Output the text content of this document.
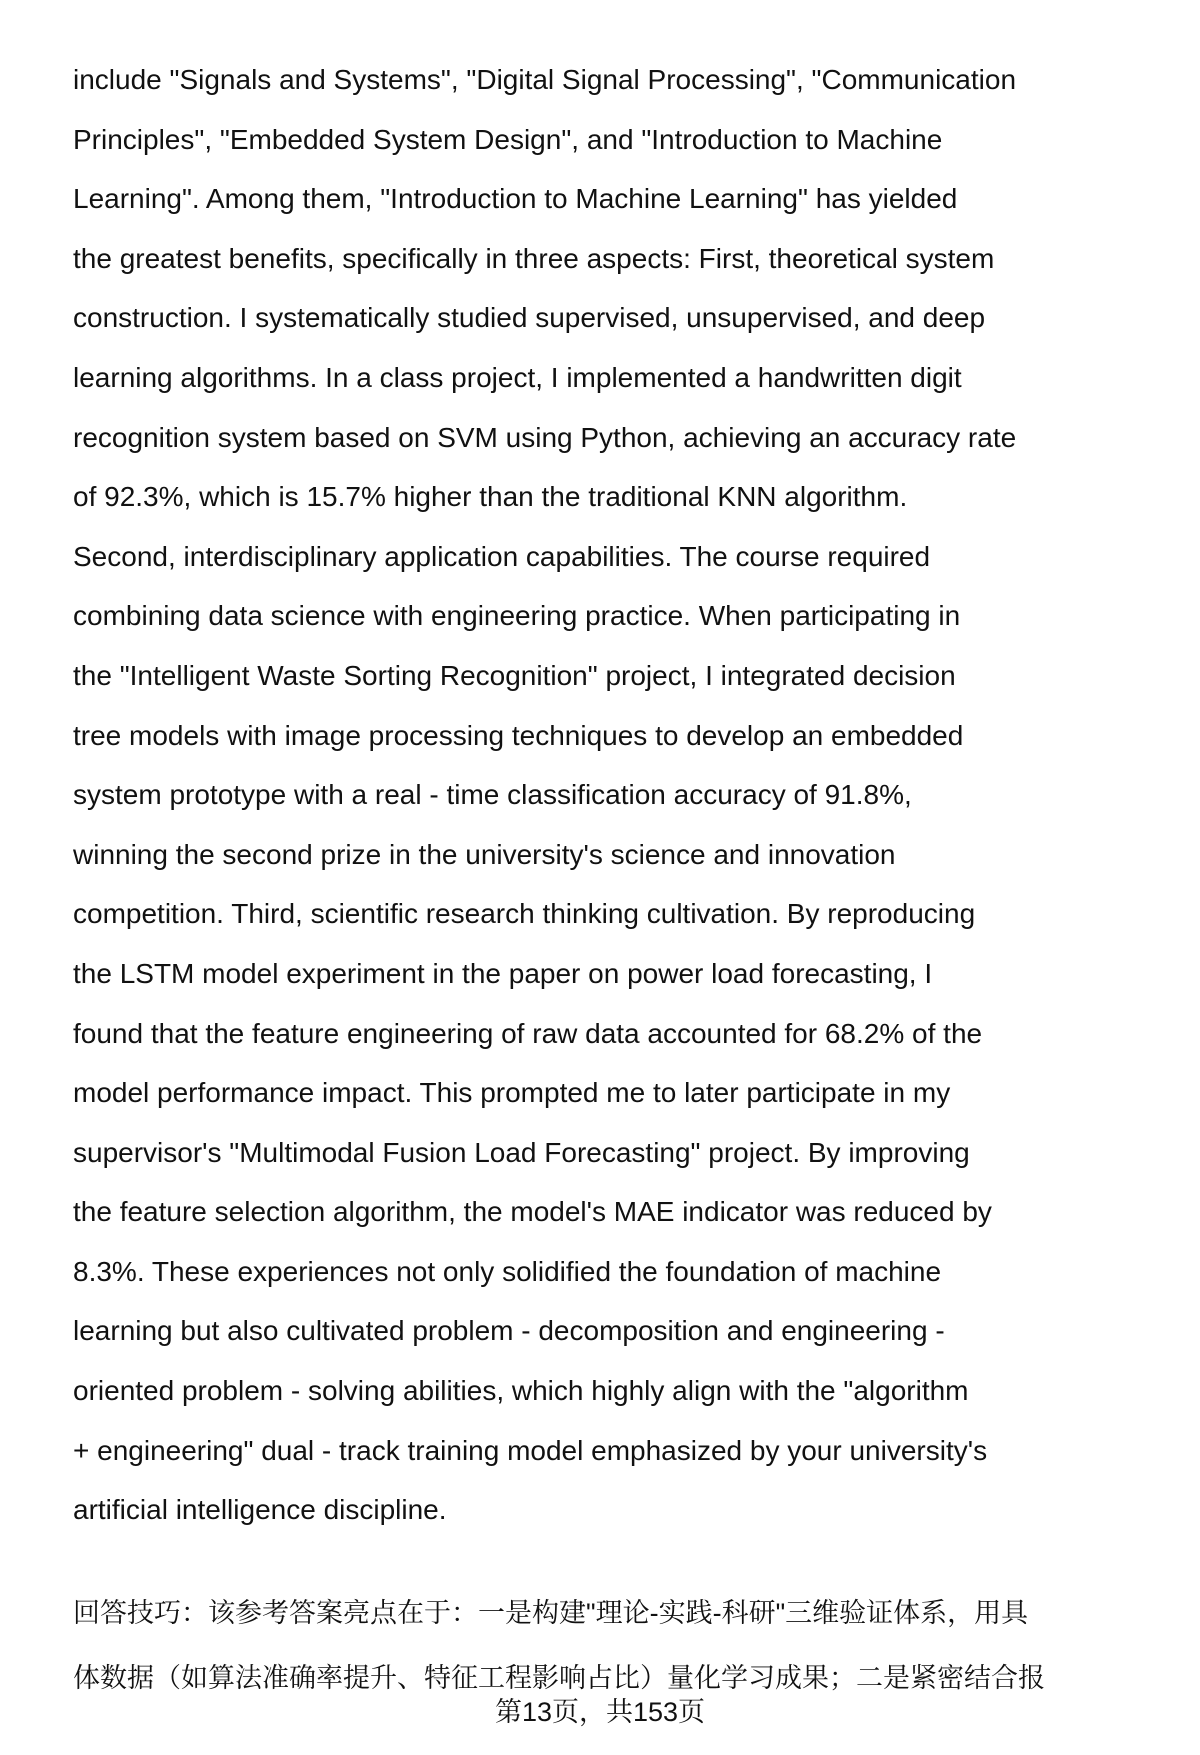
include "Signals and Systems", "Digital Signal Processing", "Communication
Principles", "Embedded System Design", and "Introduction to Machine
Learning". Among them, "Introduction to Machine Learning" has yielded
the greatest benefits, specifically in three aspects: First, theoretical system
construction. I systematically studied supervised, unsupervised, and deep
learning algorithms. In a class project, I implemented a handwritten digit
recognition system based on SVM using Python, achieving an accuracy rate
of 92.3%, which is 15.7% higher than the traditional KNN algorithm.
Second, interdisciplinary application capabilities. The course required
combining data science with engineering practice. When participating in
the "Intelligent Waste Sorting Recognition" project, I integrated decision
tree models with image processing techniques to develop an embedded
system prototype with a real - time classification accuracy of 91.8%,
winning the second prize in the university's science and innovation
competition. Third, scientific research thinking cultivation. By reproducing
the LSTM model experiment in the paper on power load forecasting, I
found that the feature engineering of raw data accounted for 68.2% of the
model performance impact. This prompted me to later participate in my
supervisor's "Multimodal Fusion Load Forecasting" project. By improving
the feature selection algorithm, the model's MAE indicator was reduced by
8.3%. These experiences not only solidified the foundation of machine
learning but also cultivated problem - decomposition and engineering -
oriented problem - solving abilities, which highly align with the "algorithm
+ engineering" dual - track training model emphasized by your university's
artificial intelligence discipline.
回答技巧：该参考答案亮点在于：一是构建"理论-实践-科研"三维验证体系，用具
体数据（如算法准确率提升、特征工程影响占比）量化学习成果；二是紧密结合报
第13页，共153页
